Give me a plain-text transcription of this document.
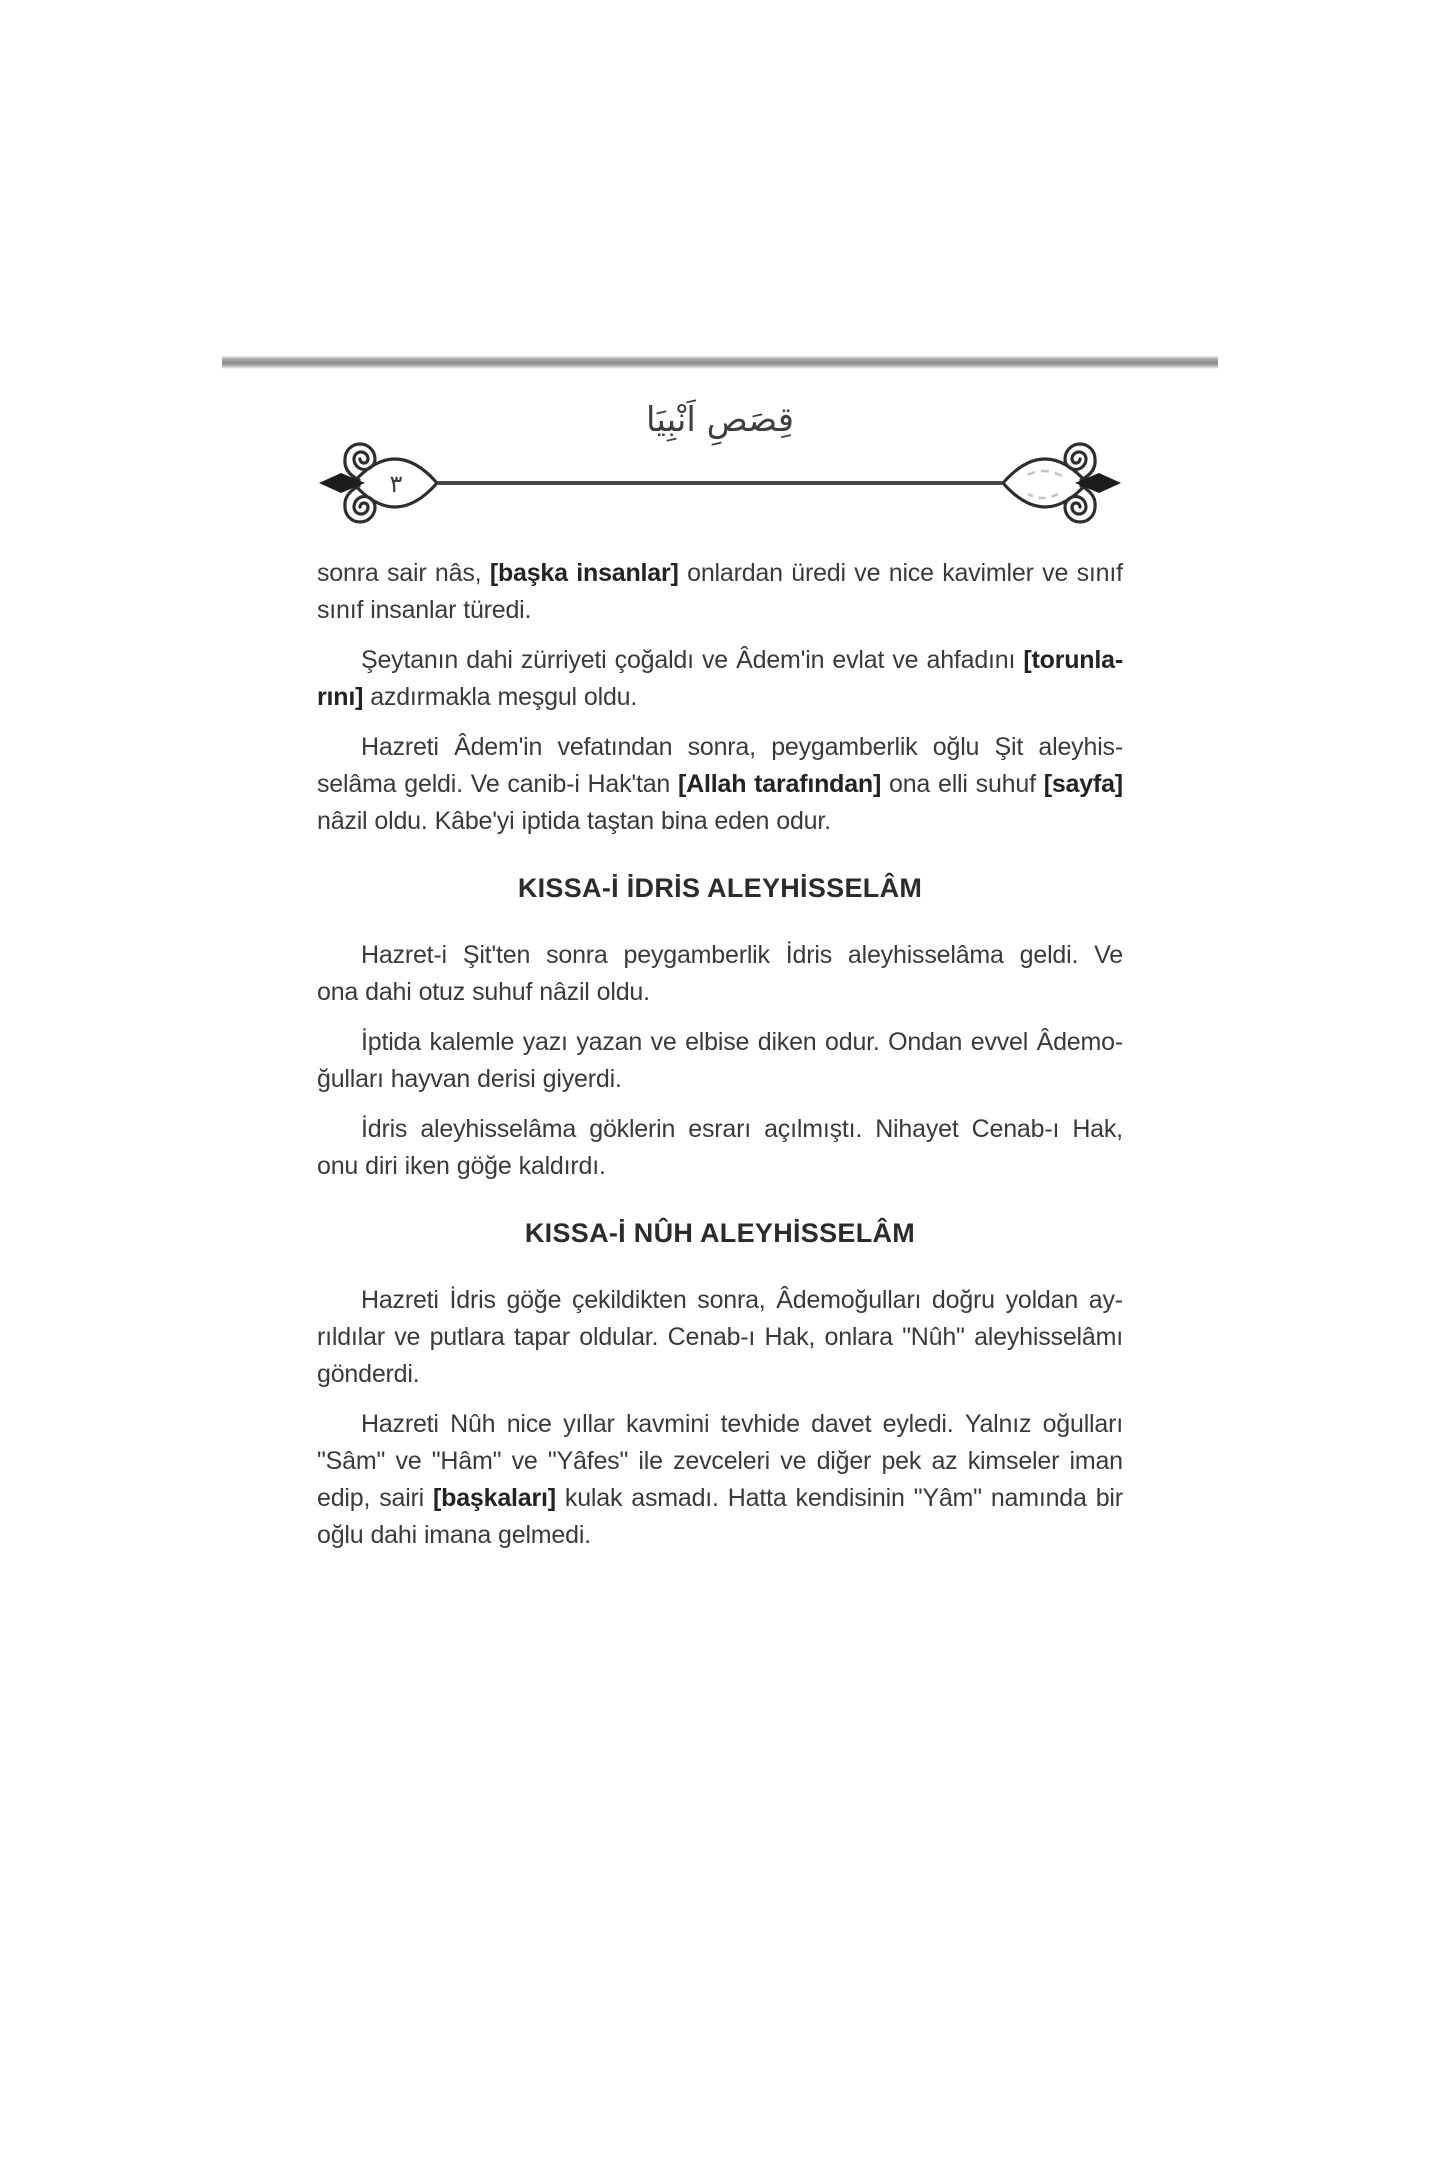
قِصَصِ اَنْبِيَا
٣
sonra sair nâs, [başka insanlar] onlardan üredi ve nice kavimler ve sınıf
sınıf insanlar türedi.
Şeytanın dahi zürriyeti çoğaldı ve Âdem'in evlat ve ahfadını [torunla-
rını] azdırmakla meşgul oldu.
Hazreti Âdem'in vefatından sonra, peygamberlik oğlu Şit aleyhis-
selâma geldi. Ve canib-i Hak'tan [Allah tarafından] ona elli suhuf [sayfa]
nâzil oldu. Kâbe'yi iptida taştan bina eden odur.
KISSA-İ İDRİS ALEYHİSSELÂM
Hazret-i Şit'ten sonra peygamberlik İdris aleyhisselâma geldi. Ve
ona dahi otuz suhuf nâzil oldu.
İptida kalemle yazı yazan ve elbise diken odur. Ondan evvel Âdemo-
ğulları hayvan derisi giyerdi.
İdris aleyhisselâma göklerin esrarı açılmıştı. Nihayet Cenab-ı Hak,
onu diri iken göğe kaldırdı.
KISSA-İ NÛH ALEYHİSSELÂM
Hazreti İdris göğe çekildikten sonra, Âdemoğulları doğru yoldan ay-
rıldılar ve putlara tapar oldular. Cenab-ı Hak, onlara "Nûh" aleyhisselâmı
gönderdi.
Hazreti Nûh nice yıllar kavmini tevhide davet eyledi. Yalnız oğulları
"Sâm" ve "Hâm" ve "Yâfes" ile zevceleri ve diğer pek az kimseler iman
edip, sairi [başkaları] kulak asmadı. Hatta kendisinin "Yâm" namında bir
oğlu dahi imana gelmedi.
